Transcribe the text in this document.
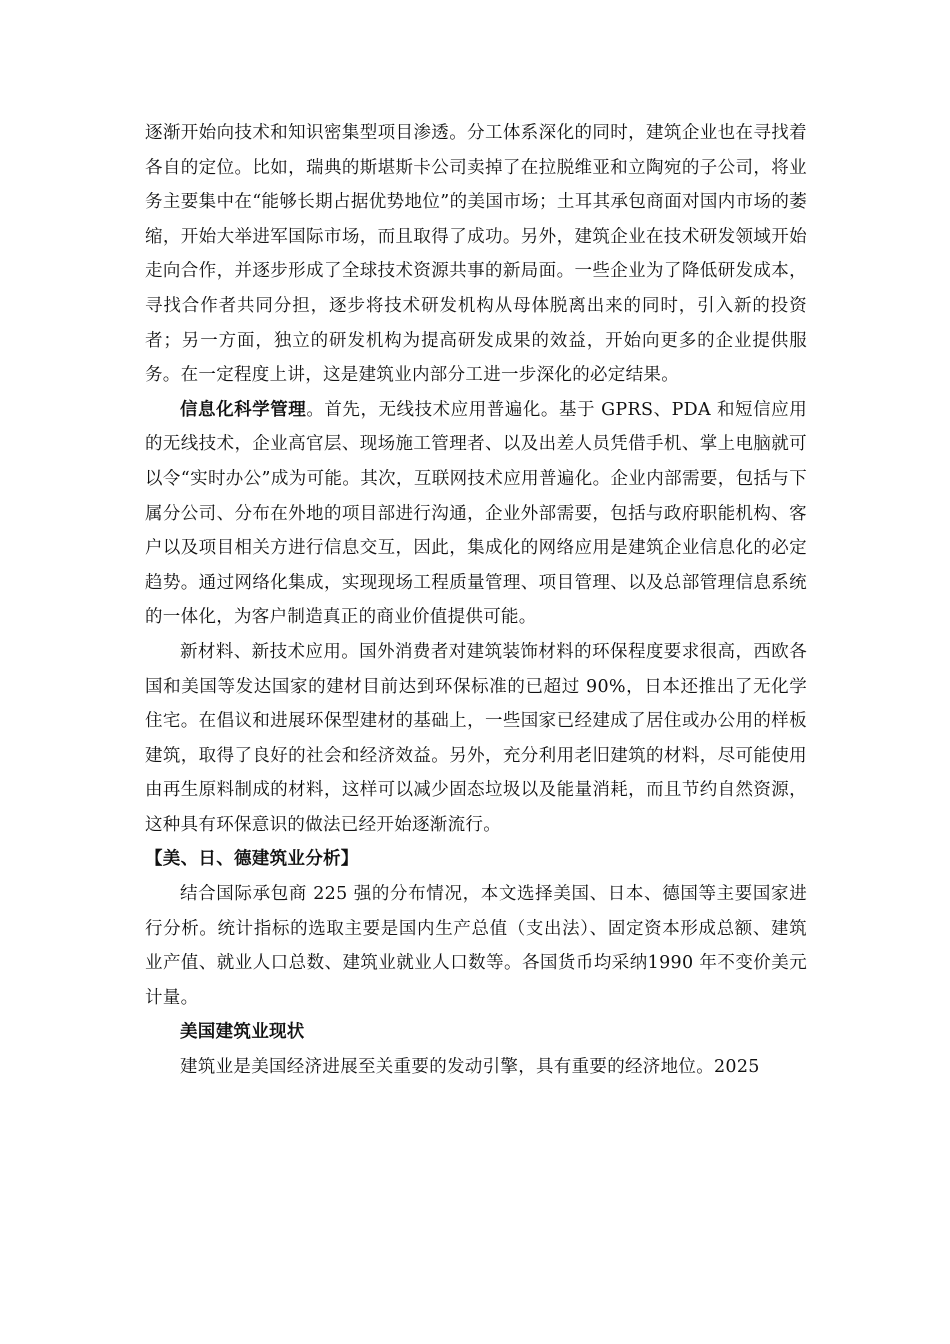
逐渐开始向技术和知识密集型项目渗透。分工体系深化的同时，建筑企业也在寻找着各自的定位。比如，瑞典的斯堪斯卡公司卖掉了在拉脱维亚和立陶宛的子公司，将业务主要集中在“能够长期占据优势地位”的美国市场；土耳其承包商面对国内市场的萎缩，开始大举进军国际市场，而且取得了成功。另外，建筑企业在技术研发领域开始走向合作，并逐步形成了全球技术资源共事的新局面。一些企业为了降低研发成本，寻找合作者共同分担，逐步将技术研发机构从母体脱离出来的同时，引入新的投资者；另一方面，独立的研发机构为提高研发成果的效益，开始向更多的企业提供服务。在一定程度上讲，这是建筑业内部分工进一步深化的必定结果。

信息化科学管理。首先，无线技术应用普遍化。基于 GPRS、PDA 和短信应用的无线技术，企业高官层、现场施工管理者、以及出差人员凭借手机、掌上电脑就可以令“实时办公”成为可能。其次，互联网技术应用普遍化。企业内部需要，包括与下属分公司、分布在外地的项目部进行沟通，企业外部需要，包括与政府职能机构、客户以及项目相关方进行信息交互，因此，集成化的网络应用是建筑企业信息化的必定趋势。通过网络化集成，实现现场工程质量管理、项目管理、以及总部管理信息系统的一体化，为客户制造真正的商业价值提供可能。

新材料、新技术应用。国外消费者对建筑装饰材料的环保程度要求很高，西欧各国和美国等发达国家的建材目前达到环保标准的已超过 90%，日本还推出了无化学住宅。在倡议和进展环保型建材的基础上，一些国家已经建成了居住或办公用的样板建筑，取得了良好的社会和经济效益。另外，充分利用老旧建筑的材料，尽可能使用由再生原料制成的材料，这样可以减少固态垃圾以及能量消耗，而且节约自然资源，这种具有环保意识的做法已经开始逐渐流行。

【美、日、德建筑业分析】

结合国际承包商 225 强的分布情况，本文选择美国、日本、德国等主要国家进行分析。统计指标的选取主要是国内生产总值（支出法）、固定资本形成总额、建筑业产值、就业人口总数、建筑业就业人口数等。各国货币均采纳1990 年不变价美元计量。

美国建筑业现状

建筑业是美国经济进展至关重要的发动引擎，具有重要的经济地位。2025
